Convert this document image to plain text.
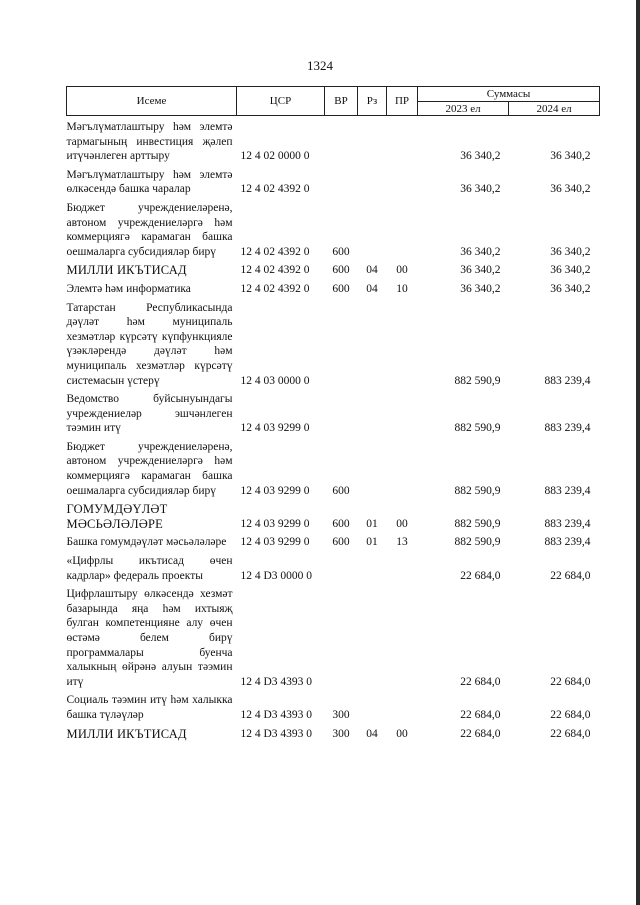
1324
Исеме	ЦСР	ВР	Рз	ПР	Суммасы	
					2023 ел	2024 ел
Мәгълүматлаштыру һәм элемтә тармагының инвестиция җәлеп итүчәнлеген арттыру	12 4 02 0000 0				36 340,2	36 340,2
Мәгълүматлаштыру һәм элемтә өлкәсендә башка чаралар	12 4 02 4392 0				36 340,2	36 340,2
Бюджет учреждениеләренә, автоном учреждениеләргә һәм коммерциягә карамаган башка оешмаларга субсидияләр бирү	12 4 02 4392 0	600			36 340,2	36 340,2
МИЛЛИ ИКЪТИСАД	12 4 02 4392 0	600	04	00	36 340,2	36 340,2
Элемтә һәм информатика	12 4 02 4392 0	600	04	10	36 340,2	36 340,2
Татарстан Республикасында дәүләт һәм муниципаль хезмәтләр күрсәтү күпфункцияле үзәкләрендә дәүләт һәм муниципаль хезмәтләр күрсәтү системасын үстерү	12 4 03 0000 0				882 590,9	883 239,4
Ведомство буйсынуындагы учреждениеләр эшчәнлеген тәэмин итү	12 4 03 9299 0				882 590,9	883 239,4
Бюджет учреждениеләренә, автоном учреждениеләргә һәм коммерциягә карамаган башка оешмаларга субсидияләр бирү	12 4 03 9299 0	600			882 590,9	883 239,4
ГОМУМДӘҮЛӘТ МӘСЬӘЛӘЛӘРЕ	12 4 03 9299 0	600	01	00	882 590,9	883 239,4
Башка гомумдәүләт мәсьәләләре	12 4 03 9299 0	600	01	13	882 590,9	883 239,4
«Цифрлы икътисад өчен кадрлар» федераль проекты	12 4 D3 0000 0				22 684,0	22 684,0
Цифрлаштыру өлкәсендә хезмәт базарында яңа һәм ихтыяҗ булган компетенцияне алу өчен өстәмә белем бирү программалары буенча халыкның өйрәнә алуын тәэмин итү	12 4 D3 4393 0				22 684,0	22 684,0
Социаль тәэмин итү һәм халыкка башка түләүләр	12 4 D3 4393 0	300			22 684,0	22 684,0
МИЛЛИ ИКЪТИСАД	12 4 D3 4393 0	300	04	00	22 684,0	22 684,0
